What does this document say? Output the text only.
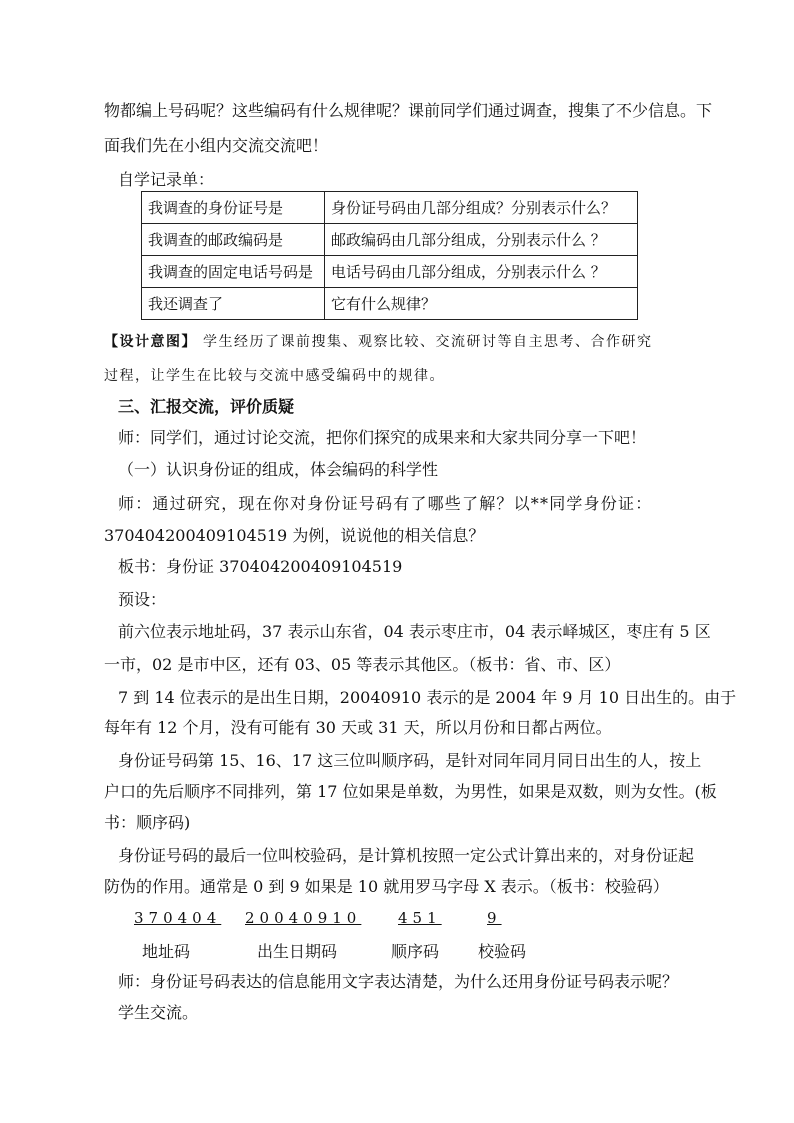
物都编上号码呢？这些编码有什么规律呢？课前同学们通过调查，搜集了不少信息。下
面我们先在小组内交流交流吧！
自学记录单：
我调查的身份证号是	身份证号码由几部分组成？分别表示什么？
我调查的邮政编码是	邮政编码由几部分组成，分别表示什么 ？
我调查的固定电话号码是	电话号码由几部分组成，分别表示什么 ？
我还调查了	它有什么规律？
【设计意图】 学生经历了课前搜集、观察比较、交流研讨等自主思考、合作研究
过程，让学生在比较与交流中感受编码中的规律。
三、汇报交流，评价质疑
师：同学们，通过讨论交流，把你们探究的成果来和大家共同分享一下吧！
（一）认识身份证的组成，体会编码的科学性
师：通过研究，现在你对身份证号码有了哪些了解？以**同学身份证：
370404200409104519 为例，说说他的相关信息？
板书：身份证 370404200409104519
预设：
前六位表示地址码，37 表示山东省，04 表示枣庄市，04 表示峄城区，枣庄有 5 区
一市，02 是市中区，还有 03、05 等表示其他区。（板书：省、市、区）
7 到 14 位表示的是出生日期，20040910 表示的是 2004 年 9 月 10 日出生的。由于
每年有 12 个月，没有可能有 30 天或 31 天，所以月份和日都占两位。
身份证号码第 15、16、17 这三位叫顺序码，是针对同年同月同日出生的人，按上
户口的先后顺序不同排列，第 17 位如果是单数，为男性，如果是双数，则为女性。(板
书：顺序码)
身份证号码的最后一位叫校验码，是计算机按照一定公式计算出来的，对身份证起
防伪的作用。通常是 0 到 9 如果是 10 就用罗马字母 X 表示。（板书：校验码）
370404 20040910 451	9
地址码	出生日期码	顺序码 校验码
师：身份证号码表达的信息能用文字表达清楚，为什么还用身份证号码表示呢？
学生交流。
